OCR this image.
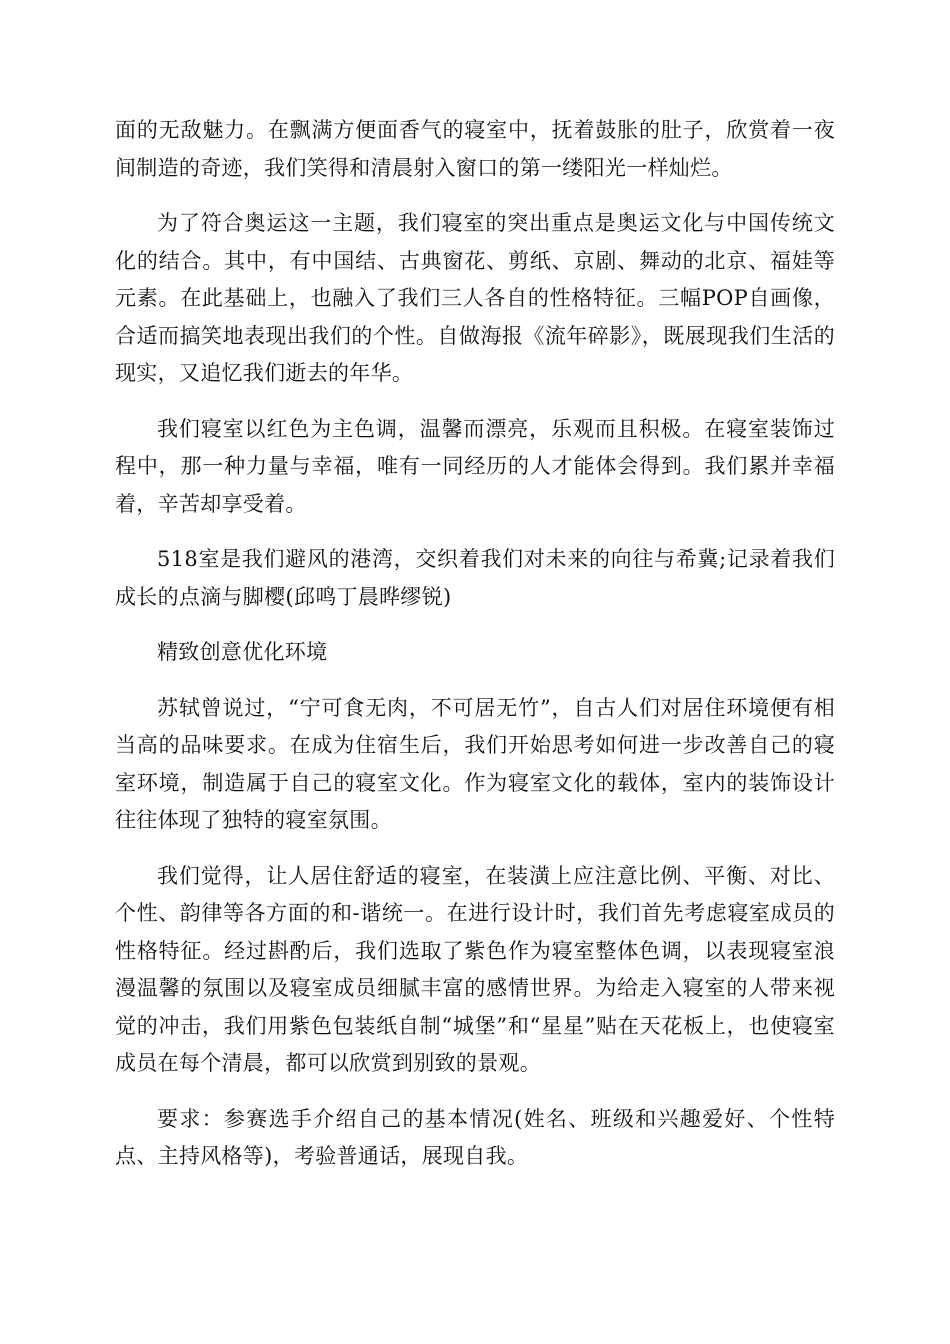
面的无敌魅力。在飘满方便面香气的寝室中，抚着鼓胀的肚子，欣赏着一夜间制造的奇迹，我们笑得和清晨射入窗口的第一缕阳光一样灿烂。

为了符合奥运这一主题，我们寝室的突出重点是奥运文化与中国传统文化的结合。其中，有中国结、古典窗花、剪纸、京剧、舞动的北京、福娃等元素。在此基础上，也融入了我们三人各自的性格特征。三幅POP自画像，合适而搞笑地表现出我们的个性。自做海报《流年碎影》，既展现我们生活的现实，又追忆我们逝去的年华。

我们寝室以红色为主色调，温馨而漂亮，乐观而且积极。在寝室装饰过程中，那一种力量与幸福，唯有一同经历的人才能体会得到。我们累并幸福着，辛苦却享受着。

518室是我们避风的港湾，交织着我们对未来的向往与希冀;记录着我们成长的点滴与脚樱(邱鸣丁晨晔缪锐)

精致创意优化环境

苏轼曾说过，“宁可食无肉，不可居无竹”，自古人们对居住环境便有相当高的品味要求。在成为住宿生后，我们开始思考如何进一步改善自己的寝室环境，制造属于自己的寝室文化。作为寝室文化的载体，室内的装饰设计往往体现了独特的寝室氛围。

我们觉得，让人居住舒适的寝室，在装潢上应注意比例、平衡、对比、个性、韵律等各方面的和-谐统一。在进行设计时，我们首先考虑寝室成员的性格特征。经过斟酌后，我们选取了紫色作为寝室整体色调，以表现寝室浪漫温馨的氛围以及寝室成员细腻丰富的感情世界。为给走入寝室的人带来视觉的冲击，我们用紫色包装纸自制“城堡”和“星星”贴在天花板上，也使寝室成员在每个清晨，都可以欣赏到别致的景观。

要求：参赛选手介绍自己的基本情况(姓名、班级和兴趣爱好、个性特点、主持风格等)，考验普通话，展现自我。
